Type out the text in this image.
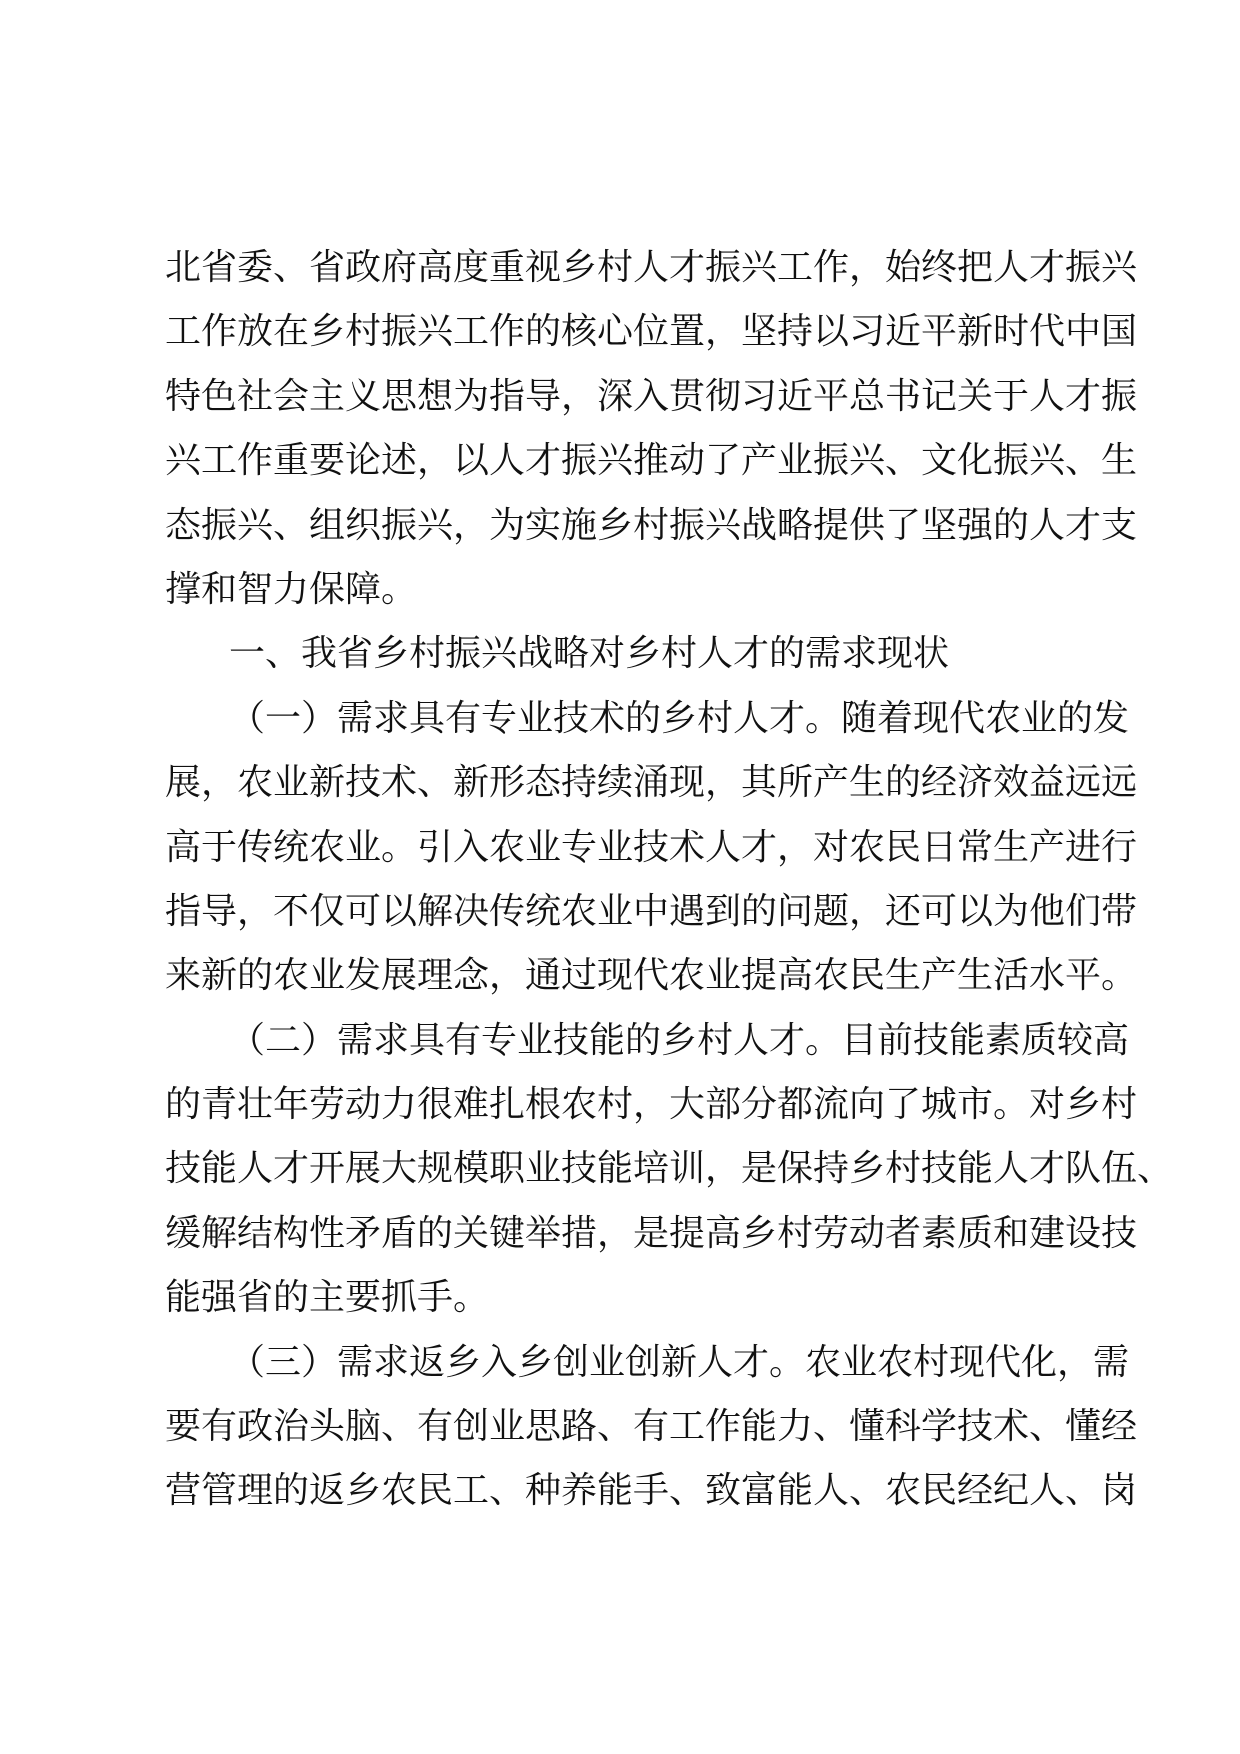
北省委、省政府高度重视乡村人才振兴工作，始终把人才振兴
工作放在乡村振兴工作的核心位置，坚持以习近平新时代中国
特色社会主义思想为指导，深入贯彻习近平总书记关于人才振
兴工作重要论述，以人才振兴推动了产业振兴、文化振兴、生
态振兴、组织振兴，为实施乡村振兴战略提供了坚强的人才支
撑和智力保障。
一、我省乡村振兴战略对乡村人才的需求现状
（一）需求具有专业技术的乡村人才。随着现代农业的发
展，农业新技术、新形态持续涌现，其所产生的经济效益远远
高于传统农业。引入农业专业技术人才，对农民日常生产进行
指导，不仅可以解决传统农业中遇到的问题，还可以为他们带
来新的农业发展理念，通过现代农业提高农民生产生活水平。
（二）需求具有专业技能的乡村人才。目前技能素质较高
的青壮年劳动力很难扎根农村，大部分都流向了城市。对乡村
技能人才开展大规模职业技能培训，是保持乡村技能人才队伍、
缓解结构性矛盾的关键举措，是提高乡村劳动者素质和建设技
能强省的主要抓手。
（三）需求返乡入乡创业创新人才。农业农村现代化，需
要有政治头脑、有创业思路、有工作能力、懂科学技术、懂经
营管理的返乡农民工、种养能手、致富能人、农民经纪人、岗
